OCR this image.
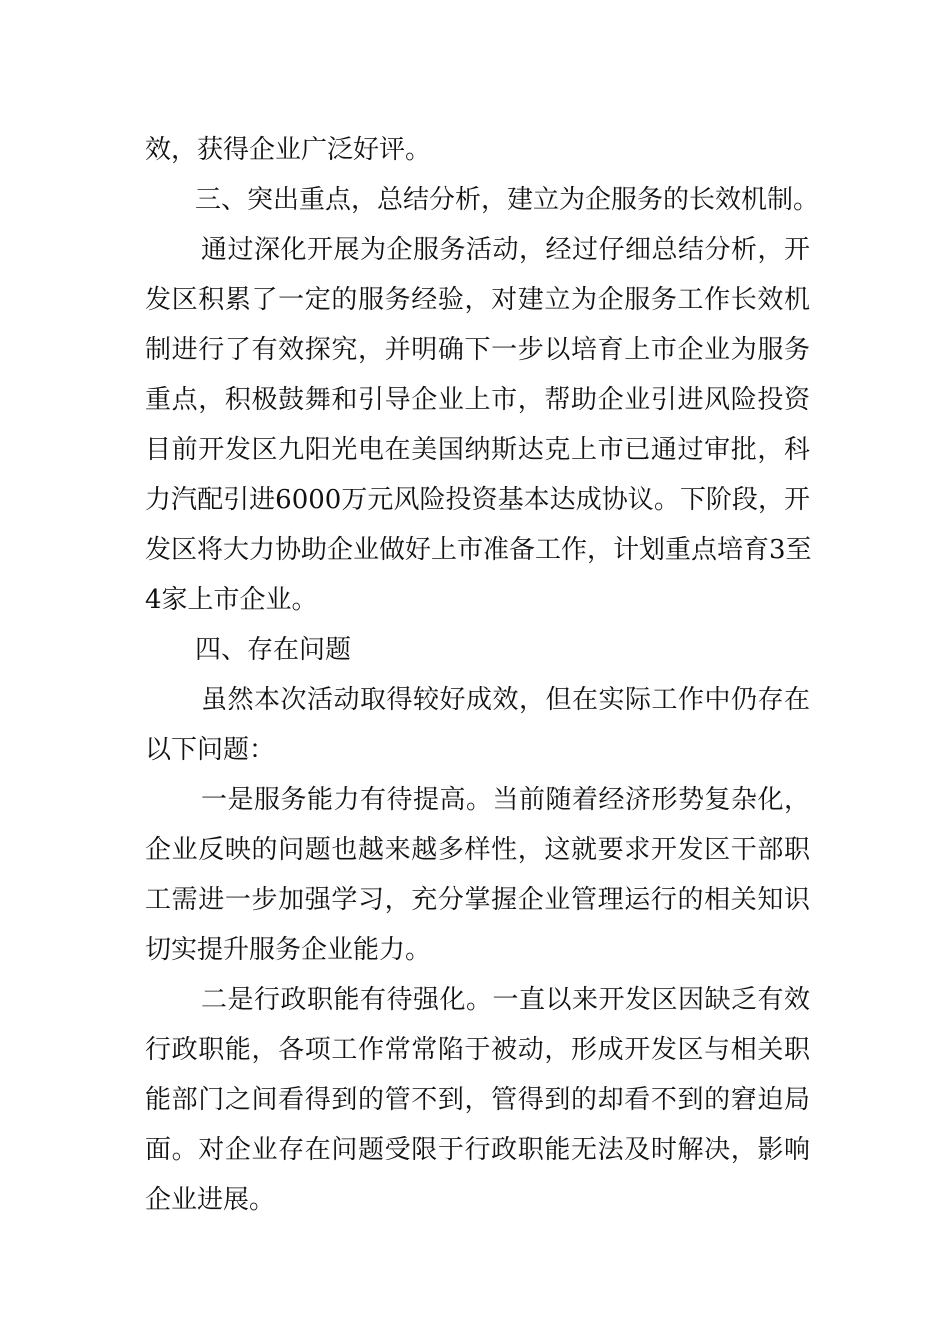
效，获得企业广泛好评。
三、突出重点，总结分析，建立为企服务的长效机制。
通过深化开展为企服务活动，经过仔细总结分析，开
发区积累了一定的服务经验，对建立为企服务工作长效机
制进行了有效探究，并明确下一步以培育上市企业为服务
重点，积极鼓舞和引导企业上市，帮助企业引进风险投资
目前开发区九阳光电在美国纳斯达克上市已通过审批，科
力汽配引进6000万元风险投资基本达成协议。下阶段，开
发区将大力协助企业做好上市准备工作，计划重点培育3至
4家上市企业。
四、存在问题
虽然本次活动取得较好成效，但在实际工作中仍存在
以下问题：
一是服务能力有待提高。当前随着经济形势复杂化，
企业反映的问题也越来越多样性，这就要求开发区干部职
工需进一步加强学习，充分掌握企业管理运行的相关知识
切实提升服务企业能力。
二是行政职能有待强化。一直以来开发区因缺乏有效
行政职能，各项工作常常陷于被动，形成开发区与相关职
能部门之间看得到的管不到，管得到的却看不到的窘迫局
面。对企业存在问题受限于行政职能无法及时解决，影响
企业进展。
